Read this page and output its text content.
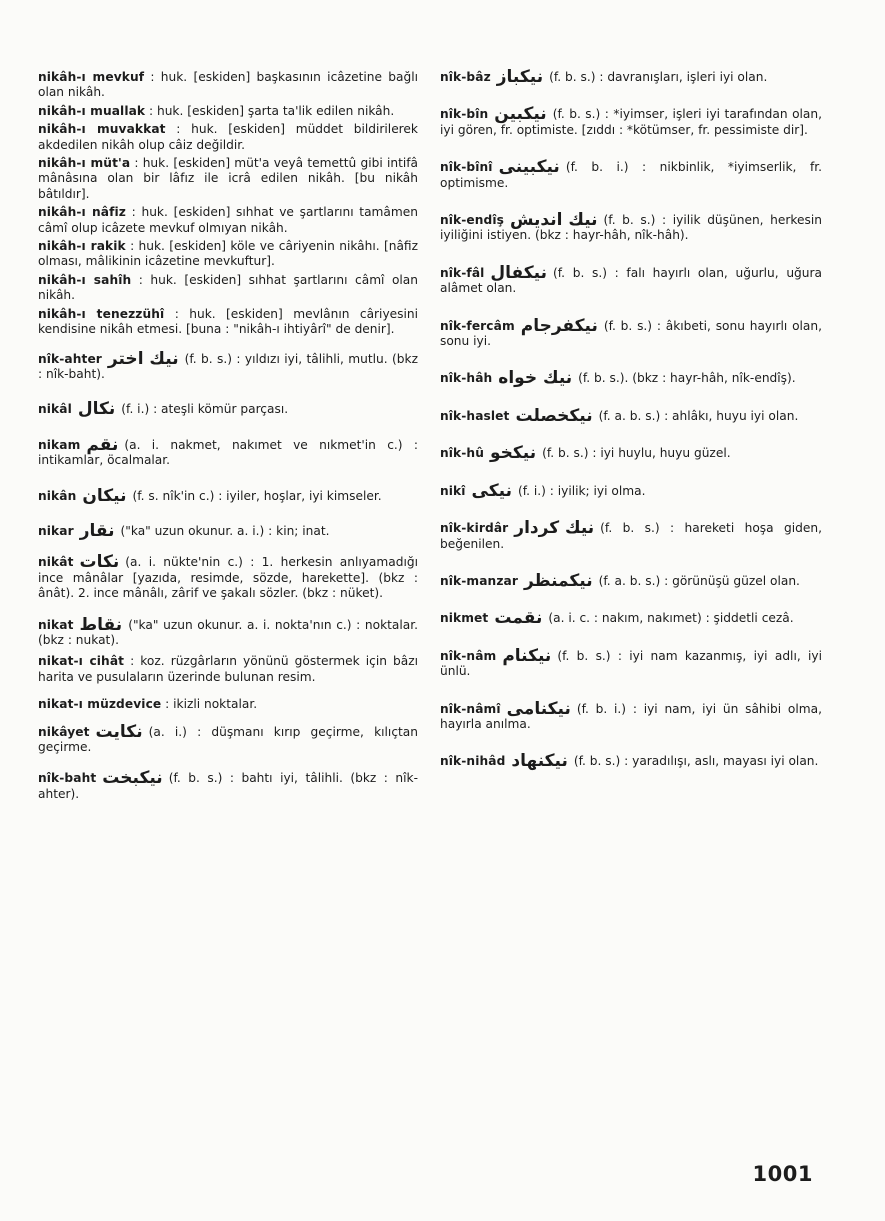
nikâh-ı mevkuf : huk. [eskiden] başkasının icâzetine bağlı olan nikâh.

nikâh-ı muallak : huk. [eskiden] şarta ta'lik edilen nikâh.

nikâh-ı muvakkat : huk. [eskiden] müddet bildirilerek akdedilen nikâh olup câiz değildir.

nikâh-ı müt'a : huk. [eskiden] müt'a veyâ temettû gibi intifâ mânâsına olan bir lâfız ile icrâ edilen nikâh. [bu nikâh bâtıldır].

nikâh-ı nâfiz : huk. [eskiden] sıhhat ve şartlarını tamâmen câmî olup icâzete mevkuf olmıyan nikâh.

nikâh-ı rakik : huk. [eskiden] köle ve câriyenin nikâhı. [nâfiz olması, mâlikinin icâzetine mevkuftur].

nikâh-ı sahîh : huk. [eskiden] sıhhat şartlarını câmî olan nikâh.

nikâh-ı tenezzühî : huk. [eskiden] mevlânın câriyesini kendisine nikâh etmesi. [buna : "nikâh-ı ihtiyârî" de denir].

nîk-ahter نیك اختر (f. b. s.) : yıldızı iyi, tâlihli, mutlu. (bkz : nîk-baht).

nikâl نكال (f. i.) : ateşli kömür parçası.

nikam نقم (a. i. nakmet, nakımet ve nıkmet'in c.) : intikamlar, öcalmalar.

nikân نیكان (f. s. nîk'in c.) : iyiler, hoşlar, iyi kimseler.

nikar نقار ("ka" uzun okunur. a. i.) : kin; inat.

nikât نكات (a. i. nükte'nin c.) : 1. herkesin anlıyamadığı ince mânâlar [yazıda, resimde, sözde, harekette]. (bkz : ânât). 2. ince mânâlı, zârif ve şakalı sözler. (bkz : nüket).

nikat نقاط ("ka" uzun okunur. a. i. nokta'nın c.) : noktalar. (bkz : nukat).

nikat-ı cihât : koz. rüzgârların yönünü göstermek için bâzı harita ve pusulaların üzerinde bulunan resim.

nikat-ı müzdevice : ikizli noktalar.

nikâyet نكایت (a. i.) : düşmanı kırıp geçirme, kılıçtan geçirme.

nîk-baht نیكبخت (f. b. s.) : bahtı iyi, tâlihli. (bkz : nîk-ahter).

nîk-bâz نیكباز (f. b. s.) : davranışları, işleri iyi olan.

nîk-bîn نیكبین (f. b. s.) : *iyimser, işleri iyi tarafından olan, iyi gören, fr. optimiste. [zıddı : *kötümser, fr. pessimiste dir].

nîk-bînî نیكبینی (f. b. i.) : nikbinlik, *iyimserlik, fr. optimisme.

nîk-endîş نیك اندیش (f. b. s.) : iyilik düşünen, herkesin iyiliğini istiyen. (bkz : hayr-hâh, nîk-hâh).

nîk-fâl نیكفال (f. b. s.) : falı hayırlı olan, uğurlu, uğura alâmet olan.

nîk-fercâm نیكفرجام (f. b. s.) : âkıbeti, sonu hayırlı olan, sonu iyi.

nîk-hâh نیك خواه (f. b. s.). (bkz : hayr-hâh, nîk-endîş).

nîk-haslet نیكخصلت (f. a. b. s.) : ahlâkı, huyu iyi olan.

nîk-hû نیكخو (f. b. s.) : iyi huylu, huyu güzel.

nikî نیكی (f. i.) : iyilik; iyi olma.

nîk-kirdâr نیك كردار (f. b. s.) : hareketi hoşa giden, beğenilen.

nîk-manzar نیكمنظر (f. a. b. s.) : görünüşü güzel olan.

nikmet نقمت (a. i. c. : nakım, nakımet) : şiddetli cezâ.

nîk-nâm نیكنام (f. b. s.) : iyi nam kazanmış, iyi adlı, iyi ünlü.

nîk-nâmî نیكنامی (f. b. i.) : iyi nam, iyi ün sâhibi olma, hayırla anılma.

nîk-nihâd نیكنهاد (f. b. s.) : yaradılışı, aslı, mayası iyi olan.

1001
